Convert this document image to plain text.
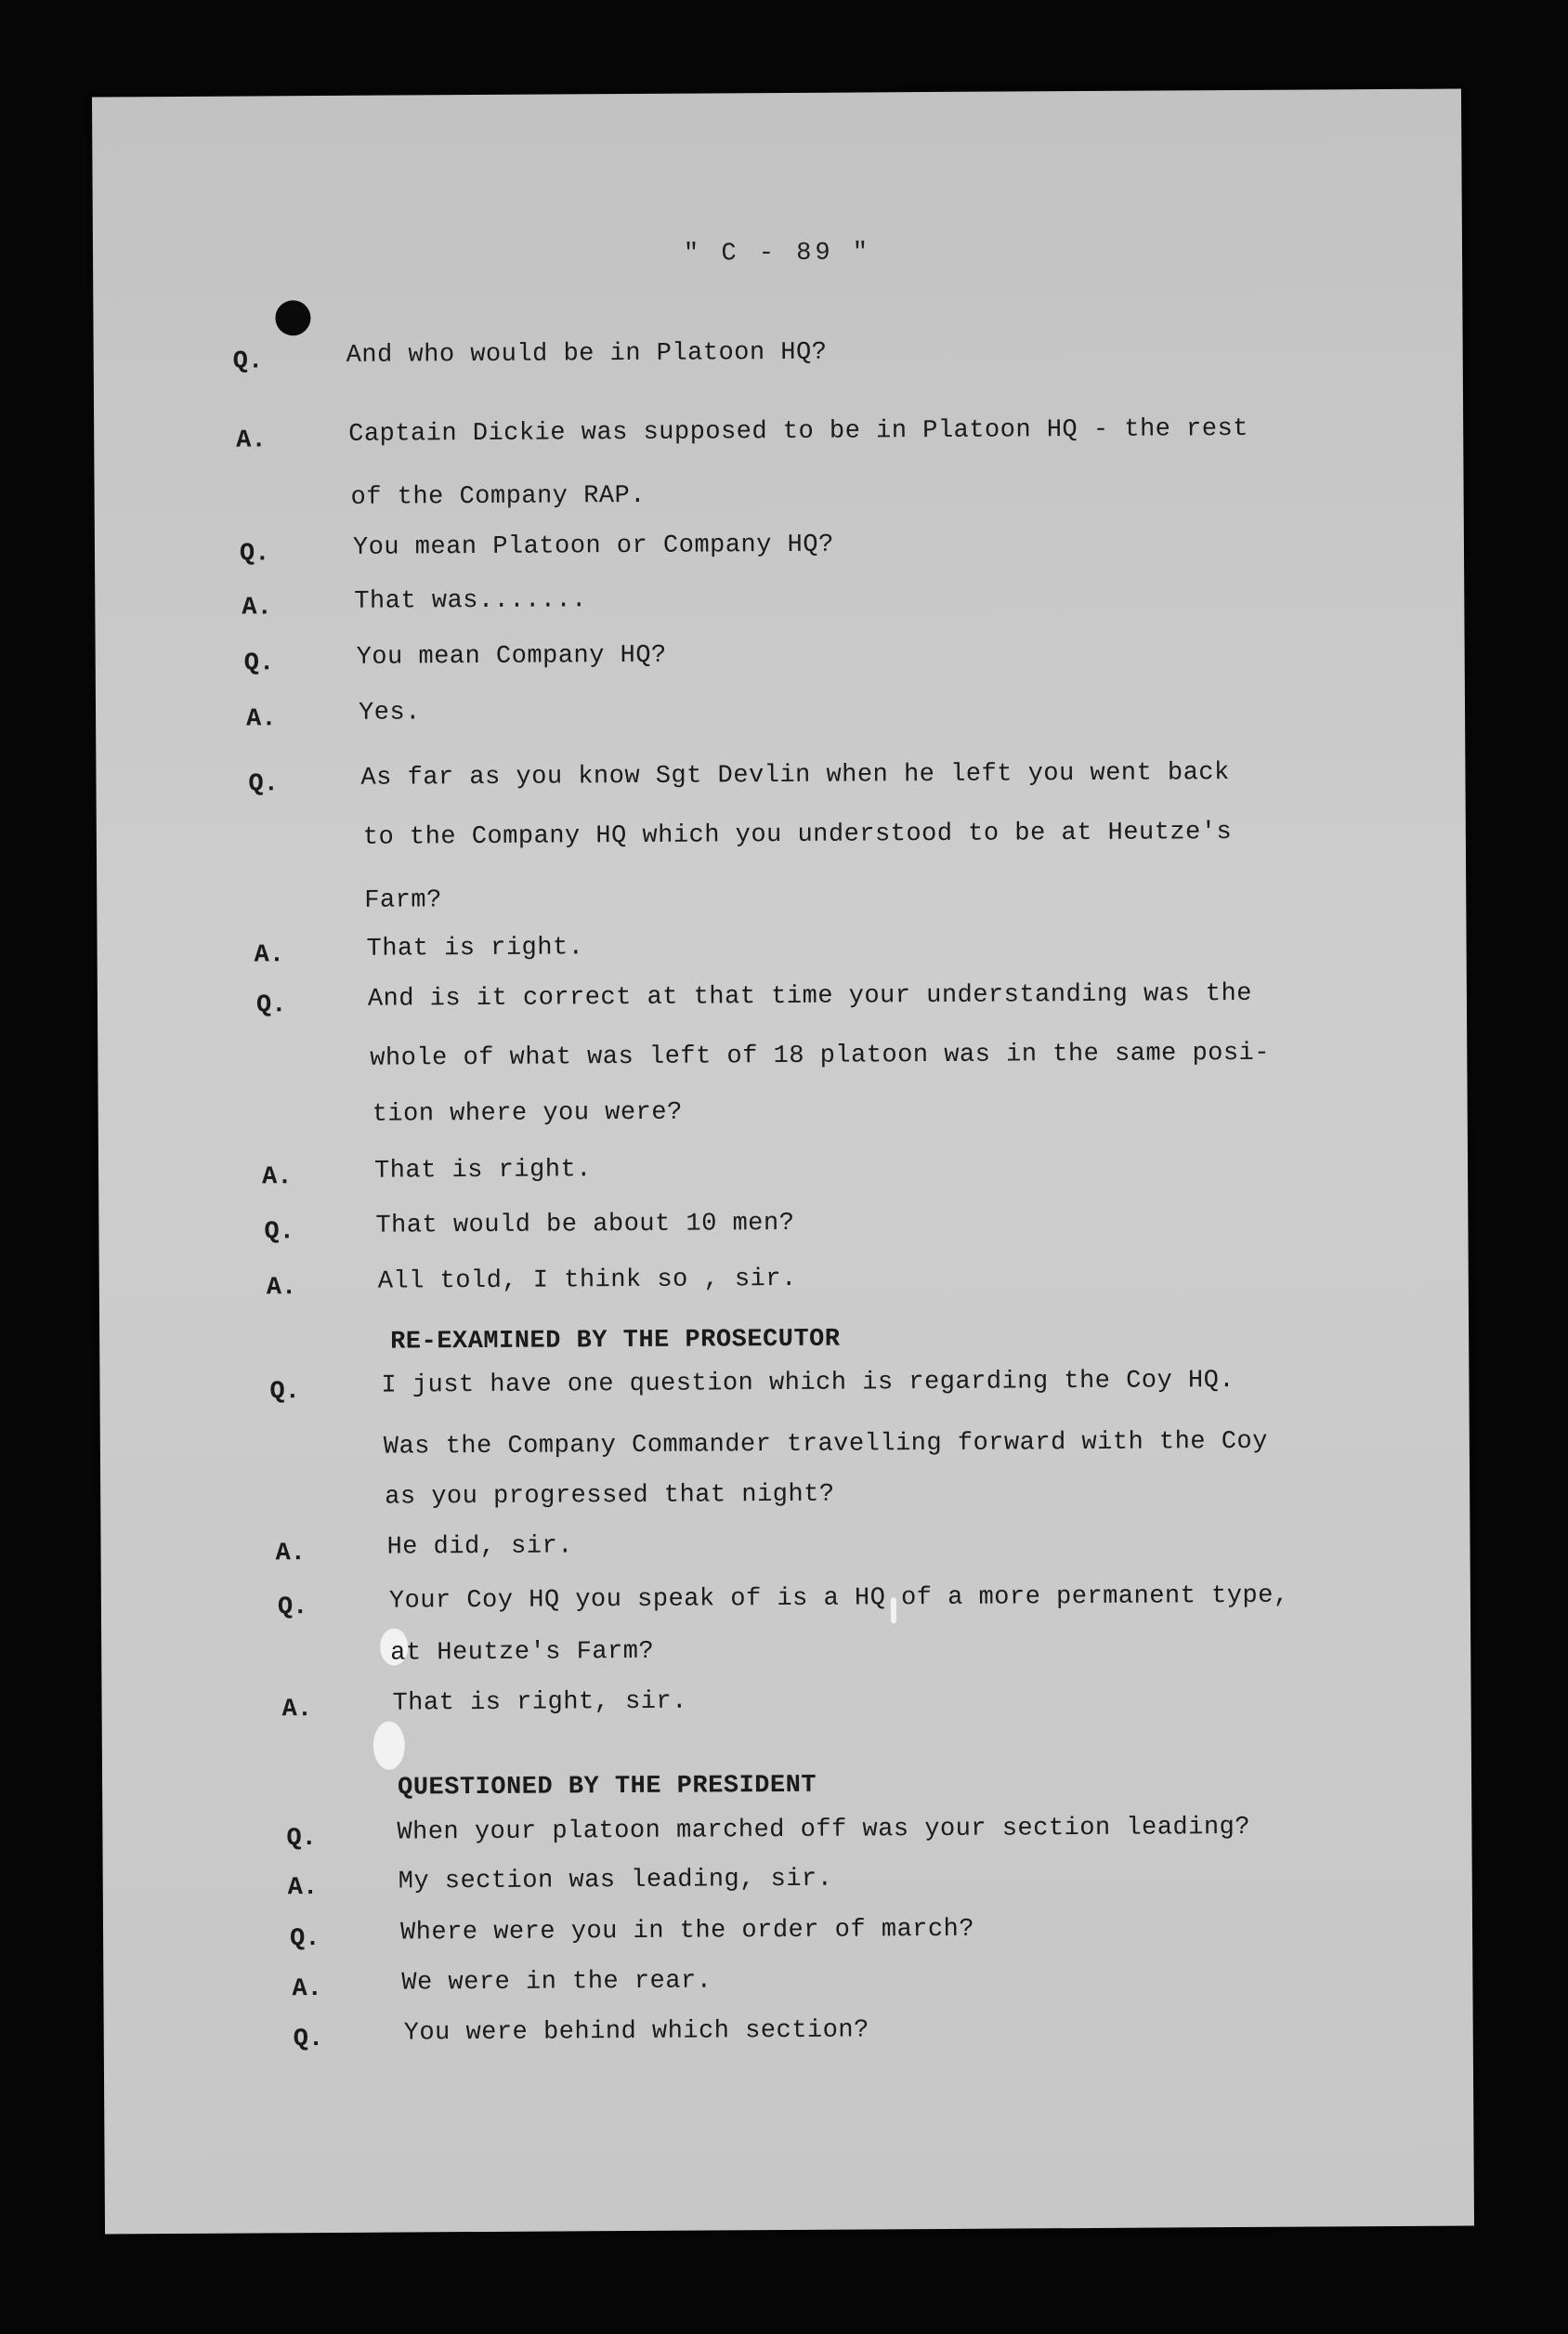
" C - 89 "
Q.	And who would be in Platoon HQ?
A.	Captain Dickie was supposed to be in Platoon HQ - the rest
of the Company RAP.
Q.	You mean Platoon or Company HQ?
A.	That was.......
Q.	You mean Company HQ?
A.	Yes.
Q.	As far as you know Sgt Devlin when he left you went back
to the Company HQ which you understood to be at Heutze's
Farm?
A.	That is right.
Q.	And is it correct at that time your understanding was the
whole of what was left of 18 platoon was in the same posi-
tion where you were?
A.	That is right.
Q.	That would be about 10 men?
A.	All told, I think so , sir.
RE-EXAMINED BY THE PROSECUTOR
Q.	I just have one question which is regarding the Coy HQ.
Was the Company Commander travelling forward with the Coy
as you progressed that night?
A.	He did, sir.
Q.	Your Coy HQ you speak of is a HQ of a more permanent type,
at Heutze's Farm?
A.	That is right, sir.
QUESTIONED BY THE PRESIDENT
Q.	When your platoon marched off was your section leading?
A.	My section was leading, sir.
Q.	Where were you in the order of march?
A.	We were in the rear.
Q.	You were behind which section?
